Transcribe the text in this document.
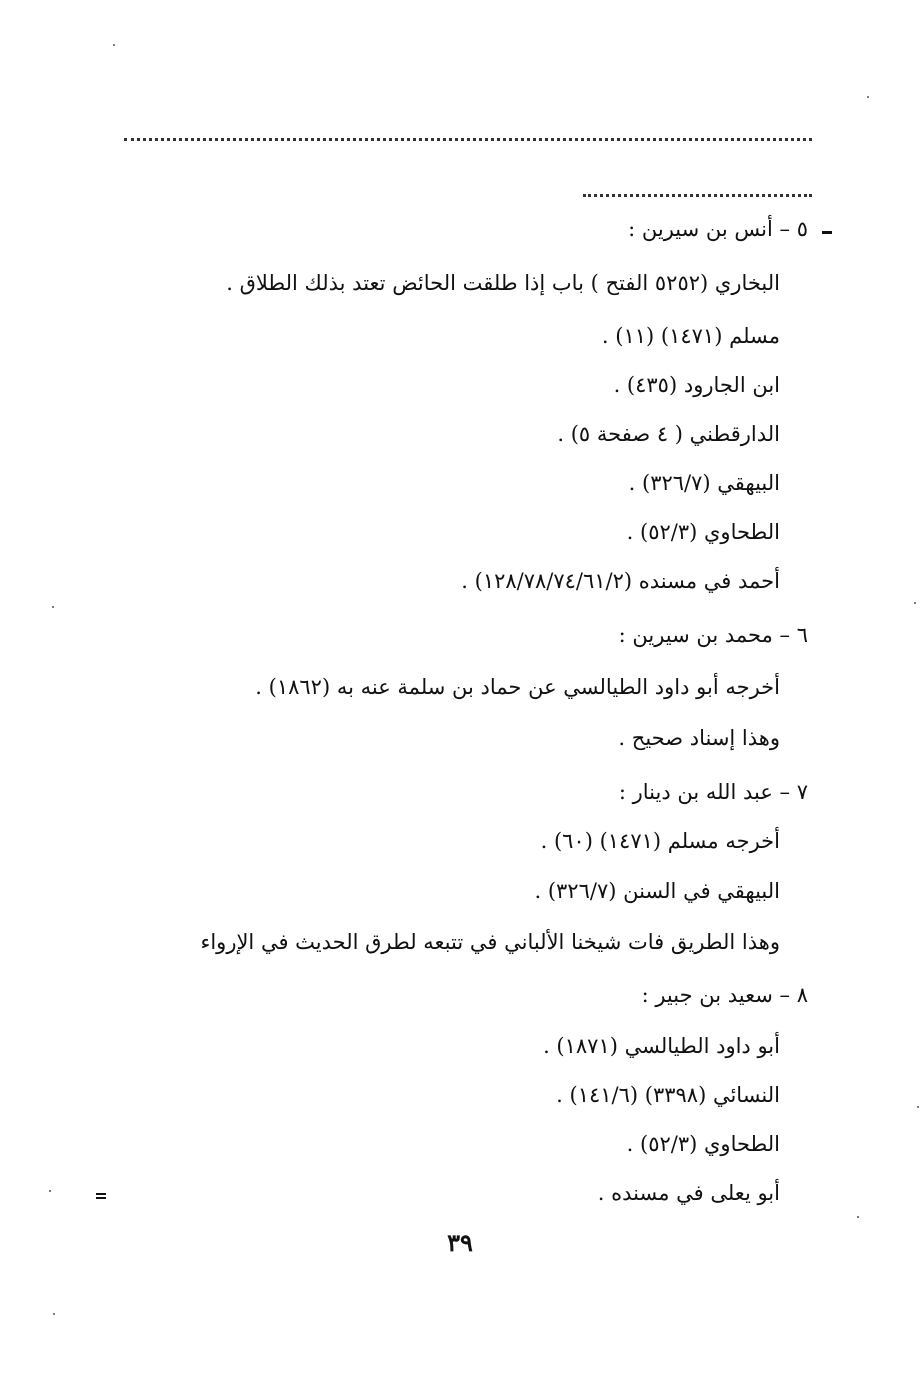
٥ – أنس بن سيرين :
البخاري (٥٢٥٢ الفتح ) باب إذا طلقت الحائض تعتد بذلك الطلاق .
مسلم (١٤٧١) (١١) .
ابن الجارود (٤٣٥) .
الدارقطني ( ٤ صفحة ٥) .
البيهقي (٣٢٦/٧) .
الطحاوي (٥٢/٣) .
أحمد في مسنده (١٢٨/٧٨/٧٤/٦١/٢) .
٦ – محمد بن سيرين :
أخرجه أبو داود الطيالسي عن حماد بن سلمة عنه به (١٨٦٢) .
وهذا إسناد صحيح .
٧ – عبد الله بن دينار :
أخرجه مسلم (١٤٧١) (٦٠) .
البيهقي في السنن (٣٢٦/٧) .
وهذا الطريق فات شيخنا الألباني في تتبعه لطرق الحديث في الإرواء
٨ – سعيد بن جبير :
أبو داود الطيالسي (١٨٧١) .
النسائي (٣٣٩٨) (١٤١/٦) .
الطحاوي (٥٢/٣) .
أبو يعلى في مسنده .
٣٩
